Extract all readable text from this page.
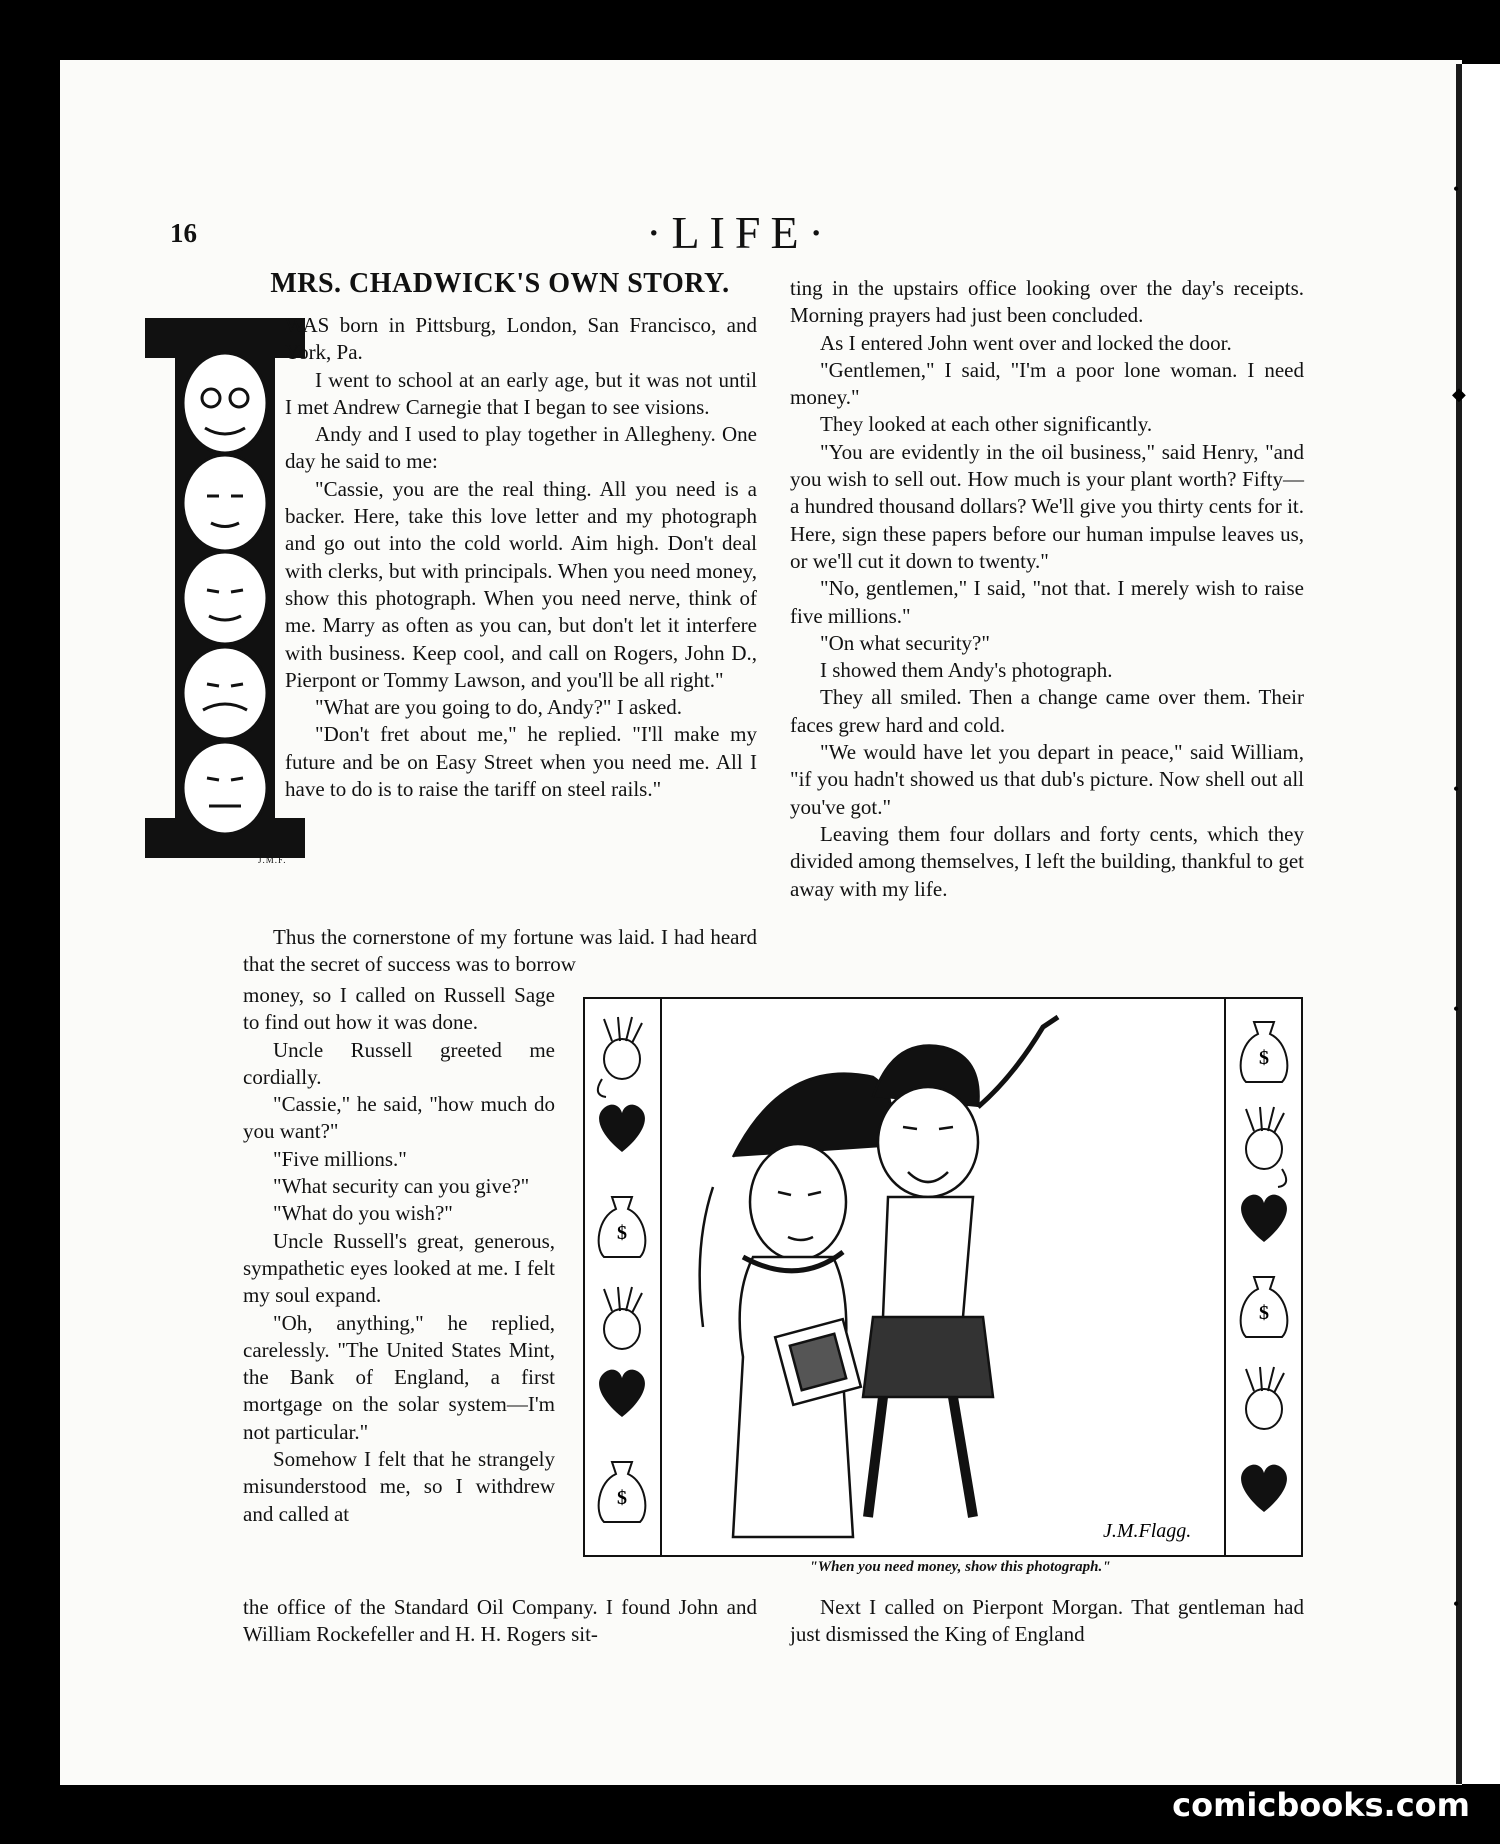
•
◆
•
•
•
16	·LIFE·
MRS. CHADWICK'S OWN STORY.
J.M.F.

WAS born in Pittsburg, London, San Francisco, and York, Pa.

I went to school at an early age, but it was not until I met Andrew Carnegie that I began to see visions.

Andy and I used to play together in Allegheny. One day he said to me:

"Cassie, you are the real thing. All you need is a backer. Here, take this love letter and my photograph and go out into the cold world. Aim high. Don't deal with clerks, but with principals. When you need money, show this photograph. When you need nerve, think of me. Marry as often as you can, but don't let it interfere with business. Keep cool, and call on Rogers, John D., Pierpont or Tommy Lawson, and you'll be all right."

"What are you going to do, Andy?" I asked.

"Don't fret about me," he replied. "I'll make my future and be on Easy Street when you need me. All I have to do is to raise the tariff on steel rails."

Thus the cornerstone of my fortune was laid. I had heard that the secret of success was to borrow

money, so I called on Russell Sage to find out how it was done.

Uncle Russell greeted me cordially.

"Cassie," he said, "how much do you want?"

"Five millions."

"What security can you give?"

"What do you wish?"

Uncle Russell's great, generous, sympathetic eyes looked at me. I felt my soul expand.

"Oh, anything," he replied, carelessly. "The United States Mint, the Bank of England, a first mortgage on the solar system—I'm not particular."

Somehow I felt that he strangely misunderstood me, so I withdrew and called at

the office of the Standard Oil Company. I found John and William Rockefeller and H. H. Rogers sit-

ting in the upstairs office looking over the day's receipts. Morning prayers had just been concluded.

As I entered John went over and locked the door.

"Gentlemen," I said, "I'm a poor lone woman. I need money."

They looked at each other significantly.

"You are evidently in the oil business," said Henry, "and you wish to sell out. How much is your plant worth? Fifty—a hundred thousand dollars? We'll give you thirty cents for it. Here, sign these papers before our human impulse leaves us, or we'll cut it down to twenty."

"No, gentlemen," I said, "not that. I merely wish to raise five millions."

"On what security?"

I showed them Andy's photograph.

They all smiled. Then a change came over them. Their faces grew hard and cold.

"We would have let you depart in peace," said William, "if you hadn't showed us that dub's picture. Now shell out all you've got."

Leaving them four dollars and forty cents, which they divided among themselves, I left the building, thankful to get away with my life.

Next I called on Pierpont Morgan. That gentleman had just dismissed the King of England

$
$
$
$
J.M.Flagg.
"When you need money, show this photograph."
comicbooks.com
